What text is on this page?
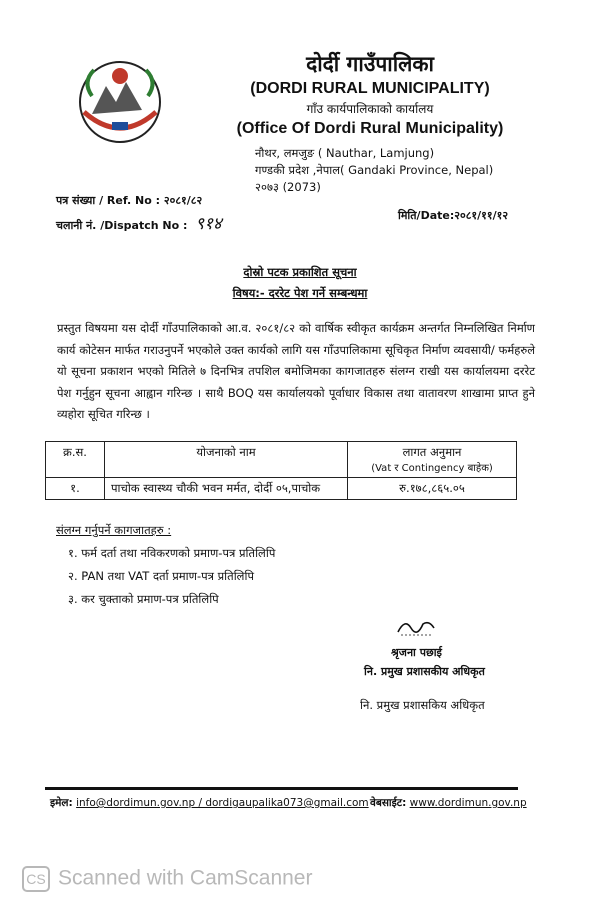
दोर्दी गाउँपालिका
(DORDI RURAL MUNICIPALITY)
गाँउ कार्यपालिकाको कार्यालय
(Office Of Dordi Rural Municipality)
नौथर, लमजुङ ( Nauthar, Lamjung)
गण्डकी प्रदेश ,नेपाल( Gandaki Province, Nepal)
२०७३ (2073)
पत्र संख्या / Ref. No : २०८१/८२
चलानी नं. /Dispatch No : ९१४	मिति/Date:२०८१/११/१२
दोस्रो पटक प्रकाशित सूचना
विषय:- दररेट पेश गर्ने सम्बन्धमा
प्रस्तुत विषयमा यस दोर्दी गाँउपालिकाको आ.व. २०८१/८२ को वार्षिक स्वीकृत कार्यक्रम अन्तर्गत निम्नलिखित निर्माण कार्य कोटेसन मार्फत गराउनुपर्ने भएकोले उक्त कार्यको लागि यस गाँउपालिकामा सूचिकृत निर्माण व्यवसायी/ फर्महरुले यो सूचना प्रकाशन भएको मितिले ७ दिनभित्र तपशिल बमोजिमका कागजातहरु संलग्न राखी यस कार्यालयमा दररेट पेश गर्नुहुन सूचना आह्वान गरिन्छ । साथै BOQ यस कार्यालयको पूर्वाधार विकास तथा वातावरण शाखामा प्राप्त हुने व्यहोरा सूचित गरिन्छ ।
क्र.स.	योजनाको नाम	लागत अनुमान
(Vat र Contingency बाहेक)

१.	पाचोक स्वास्थ्य चौकी भवन मर्मत, दोर्दी ०५,पाचोक	रु.१७८,८६५.०५
संलग्न गर्नुपर्ने कागजातहरु :
१. फर्म दर्ता तथा नविकरणको प्रमाण-पत्र प्रतिलिपि
२. PAN तथा VAT दर्ता प्रमाण-पत्र प्रतिलिपि
३. कर चुक्ताको प्रमाण-पत्र प्रतिलिपि
श्रृजना पछाई
नि. प्रमुख प्रशासकीय अधिकृत
नि. प्रमुख प्रशासकिय अधिकृत
इमेल: info@dordimun.gov.np / dordigaupalika073@gmail.com वेबसाईट: www.dordimun.gov.np
CS Scanned with CamScanner
